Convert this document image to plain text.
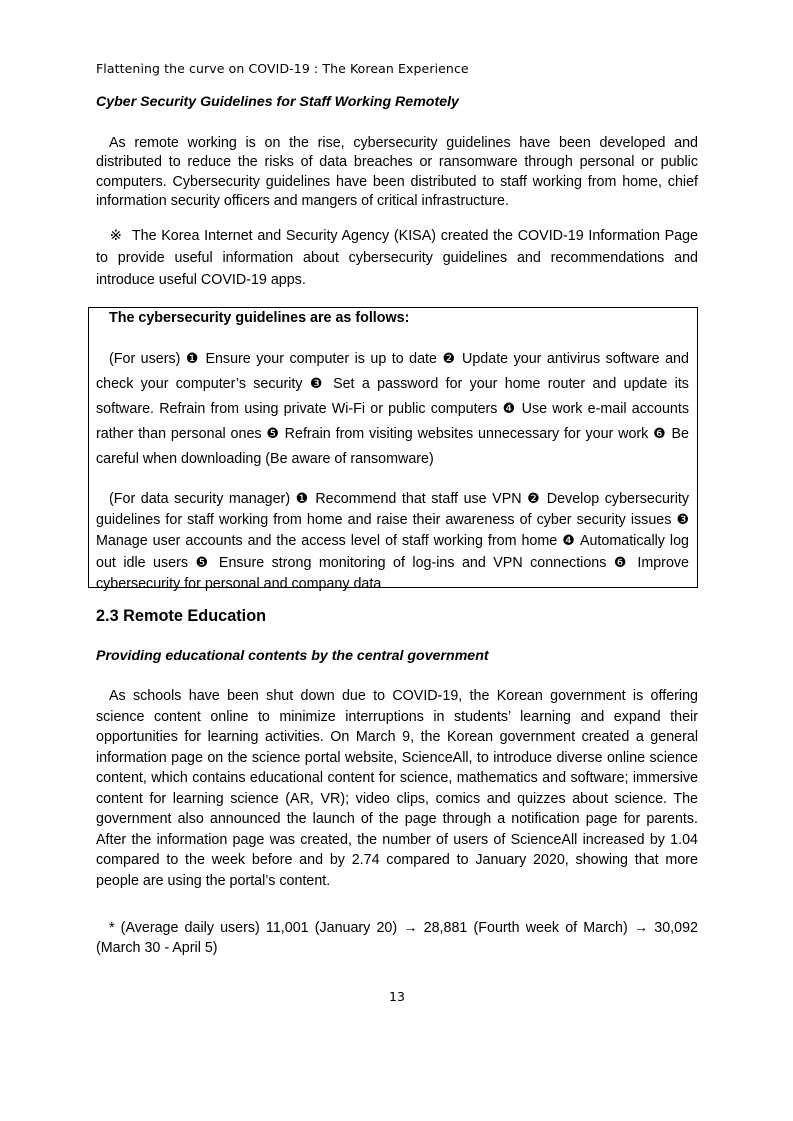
Flattening the curve on COVID-19 : The Korean Experience
Cyber Security Guidelines for Staff Working Remotely
As remote working is on the rise, cybersecurity guidelines have been developed and distributed to reduce the risks of data breaches or ransomware through personal or public computers. Cybersecurity guidelines have been distributed to staff working from home, chief information security officers and mangers of critical infrastructure.
※ The Korea Internet and Security Agency (KISA) created the COVID-19 Information Page to provide useful information about cybersecurity guidelines and recommendations and introduce useful COVID-19 apps.
The cybersecurity guidelines are as follows:
(For users) ❶ Ensure your computer is up to date ❷ Update your antivirus software and check your computer’s security ❸ Set a password for your home router and update its software. Refrain from using private Wi-Fi or public computers ❹ Use work e-mail accounts rather than personal ones ❺ Refrain from visiting websites unnecessary for your work ❻ Be careful when downloading (Be aware of ransomware)
(For data security manager) ❶ Recommend that staff use VPN ❷ Develop cybersecurity guidelines for staff working from home and raise their awareness of cyber security issues ❸ Manage user accounts and the access level of staff working from home ❹ Automatically log out idle users ❺ Ensure strong monitoring of log-ins and VPN connections ❻ Improve cybersecurity for personal and company data
2.3 Remote Education
Providing educational contents by the central government
As schools have been shut down due to COVID-19, the Korean government is offering science content online to minimize interruptions in students’ learning and expand their opportunities for learning activities. On March 9, the Korean government created a general information page on the science portal website, ScienceAll, to introduce diverse online science content, which contains educational content for science, mathematics and software; immersive content for learning science (AR, VR); video clips, comics and quizzes about science. The government also announced the launch of the page through a notification page for parents. After the information page was created, the number of users of ScienceAll increased by 1.04 compared to the week before and by 2.74 compared to January 2020, showing that more people are using the portal’s content.
* (Average daily users) 11,001 (January 20) → 28,881 (Fourth week of March) → 30,092 (March 30 - April 5)
13
